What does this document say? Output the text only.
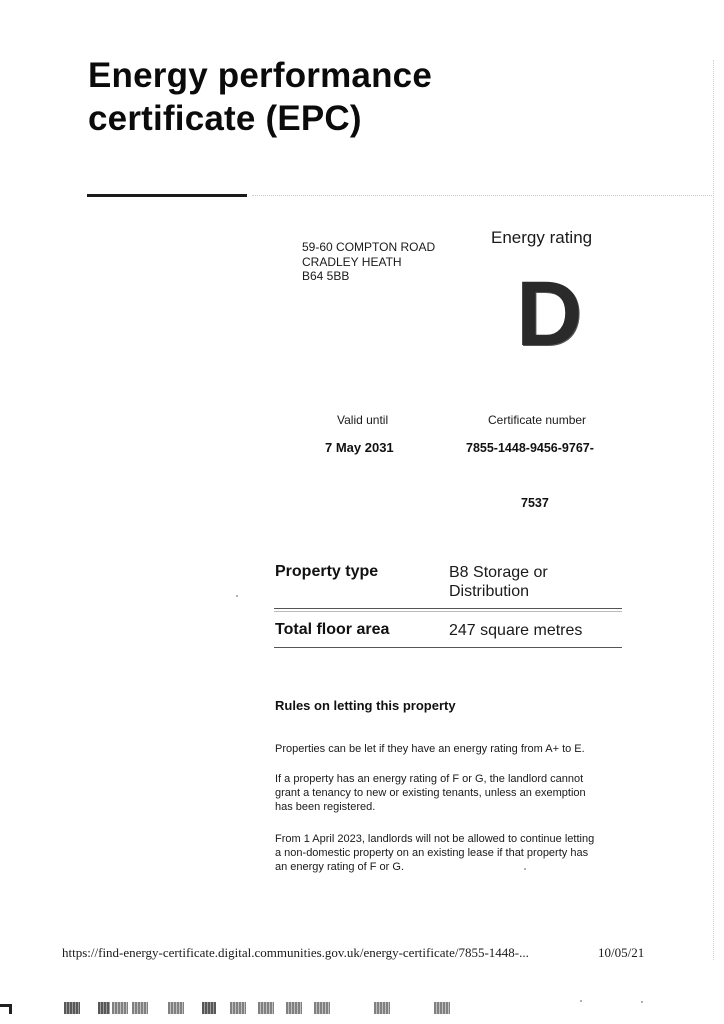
Energy performance
certificate (EPC)
59-60 COMPTON ROAD
CRADLEY HEATH
B64 5BB
Energy rating
D
Valid until
7 May 2031
Certificate number
7855-1448-9456-9767-
7537
Property type	B8 Storage or
Distribution
Total floor area	247 square metres
Rules on letting this property
Properties can be let if they have an energy rating from A+ to E.
If a property has an energy rating of F or G, the landlord cannot
grant a tenancy to new or existing tenants, unless an exemption
has been registered.
From 1 April 2023, landlords will not be allowed to continue letting
a non-domestic property on an existing lease if that property has
an energy rating of F or G.
https://find-energy-certificate.digital.communities.gov.uk/energy-certificate/7855-1448-...	10/05/21
